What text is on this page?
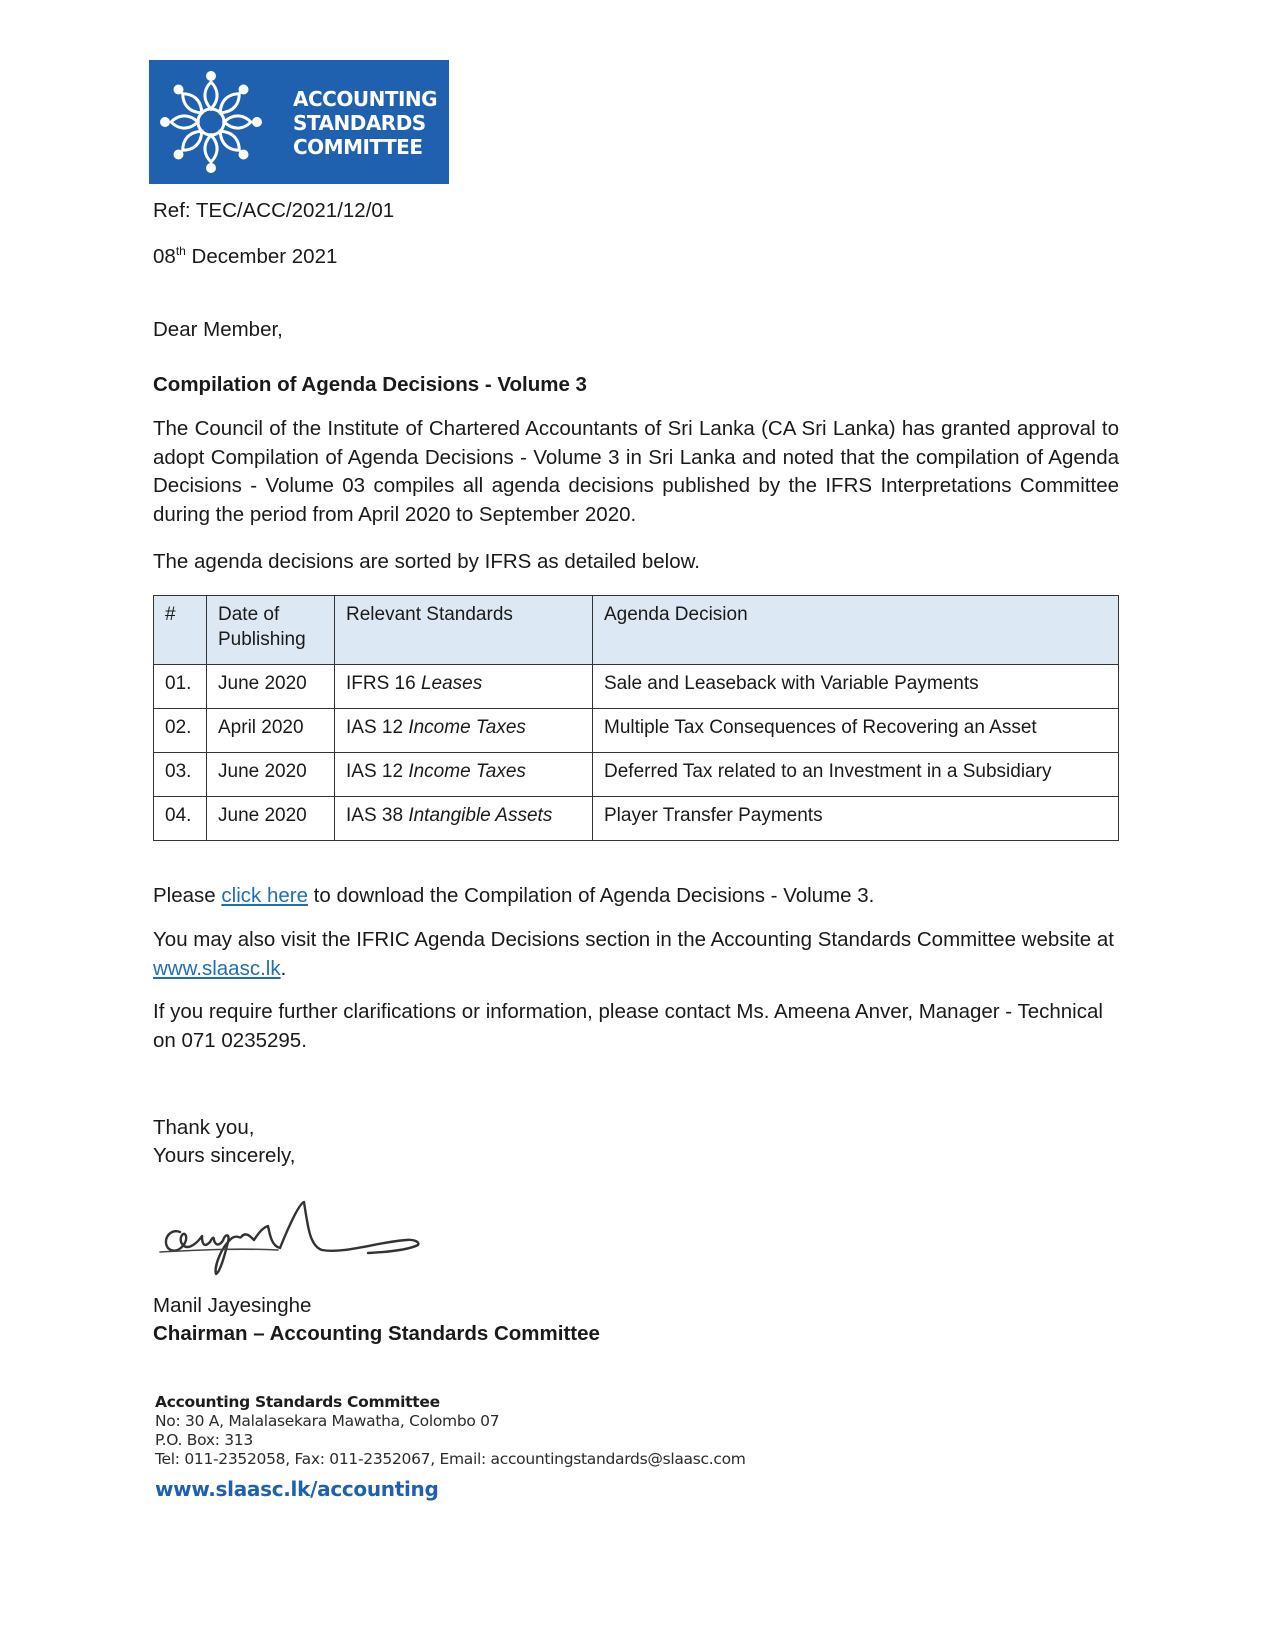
ACCOUNTING
STANDARDS
COMMITTEE
Ref: TEC/ACC/2021/12/01
08th December 2021
Dear Member,
Compilation of Agenda Decisions - Volume 3
The Council of the Institute of Chartered Accountants of Sri Lanka (CA Sri Lanka) has granted approval to adopt Compilation of Agenda Decisions - Volume 3 in Sri Lanka and noted that the compilation of Agenda Decisions - Volume 03 compiles all agenda decisions published by the IFRS Interpretations Committee during the period from April 2020 to September 2020.
The agenda decisions are sorted by IFRS as detailed below.
#	Date of Publishing	Relevant Standards	Agenda Decision
01.	June 2020	IFRS 16 Leases	Sale and Leaseback with Variable Payments
02.	April 2020	IAS 12 Income Taxes	Multiple Tax Consequences of Recovering an Asset
03.	June 2020	IAS 12 Income Taxes	Deferred Tax related to an Investment in a Subsidiary
04.	June 2020	IAS 38 Intangible Assets	Player Transfer Payments
Please click here to download the Compilation of Agenda Decisions - Volume 3.
You may also visit the IFRIC Agenda Decisions section in the Accounting Standards Committee website at www.slaasc.lk.
If you require further clarifications or information, please contact Ms. Ameena Anver, Manager - Technical on 071 0235295.
Thank you,
Yours sincerely,
Manil Jayesinghe
Chairman – Accounting Standards Committee
Accounting Standards Committee
No: 30 A, Malalasekara Mawatha, Colombo 07
P.O. Box: 313
Tel: 011-2352058, Fax: 011-2352067, Email: accountingstandards@slaasc.com
www.slaasc.lk/accounting
